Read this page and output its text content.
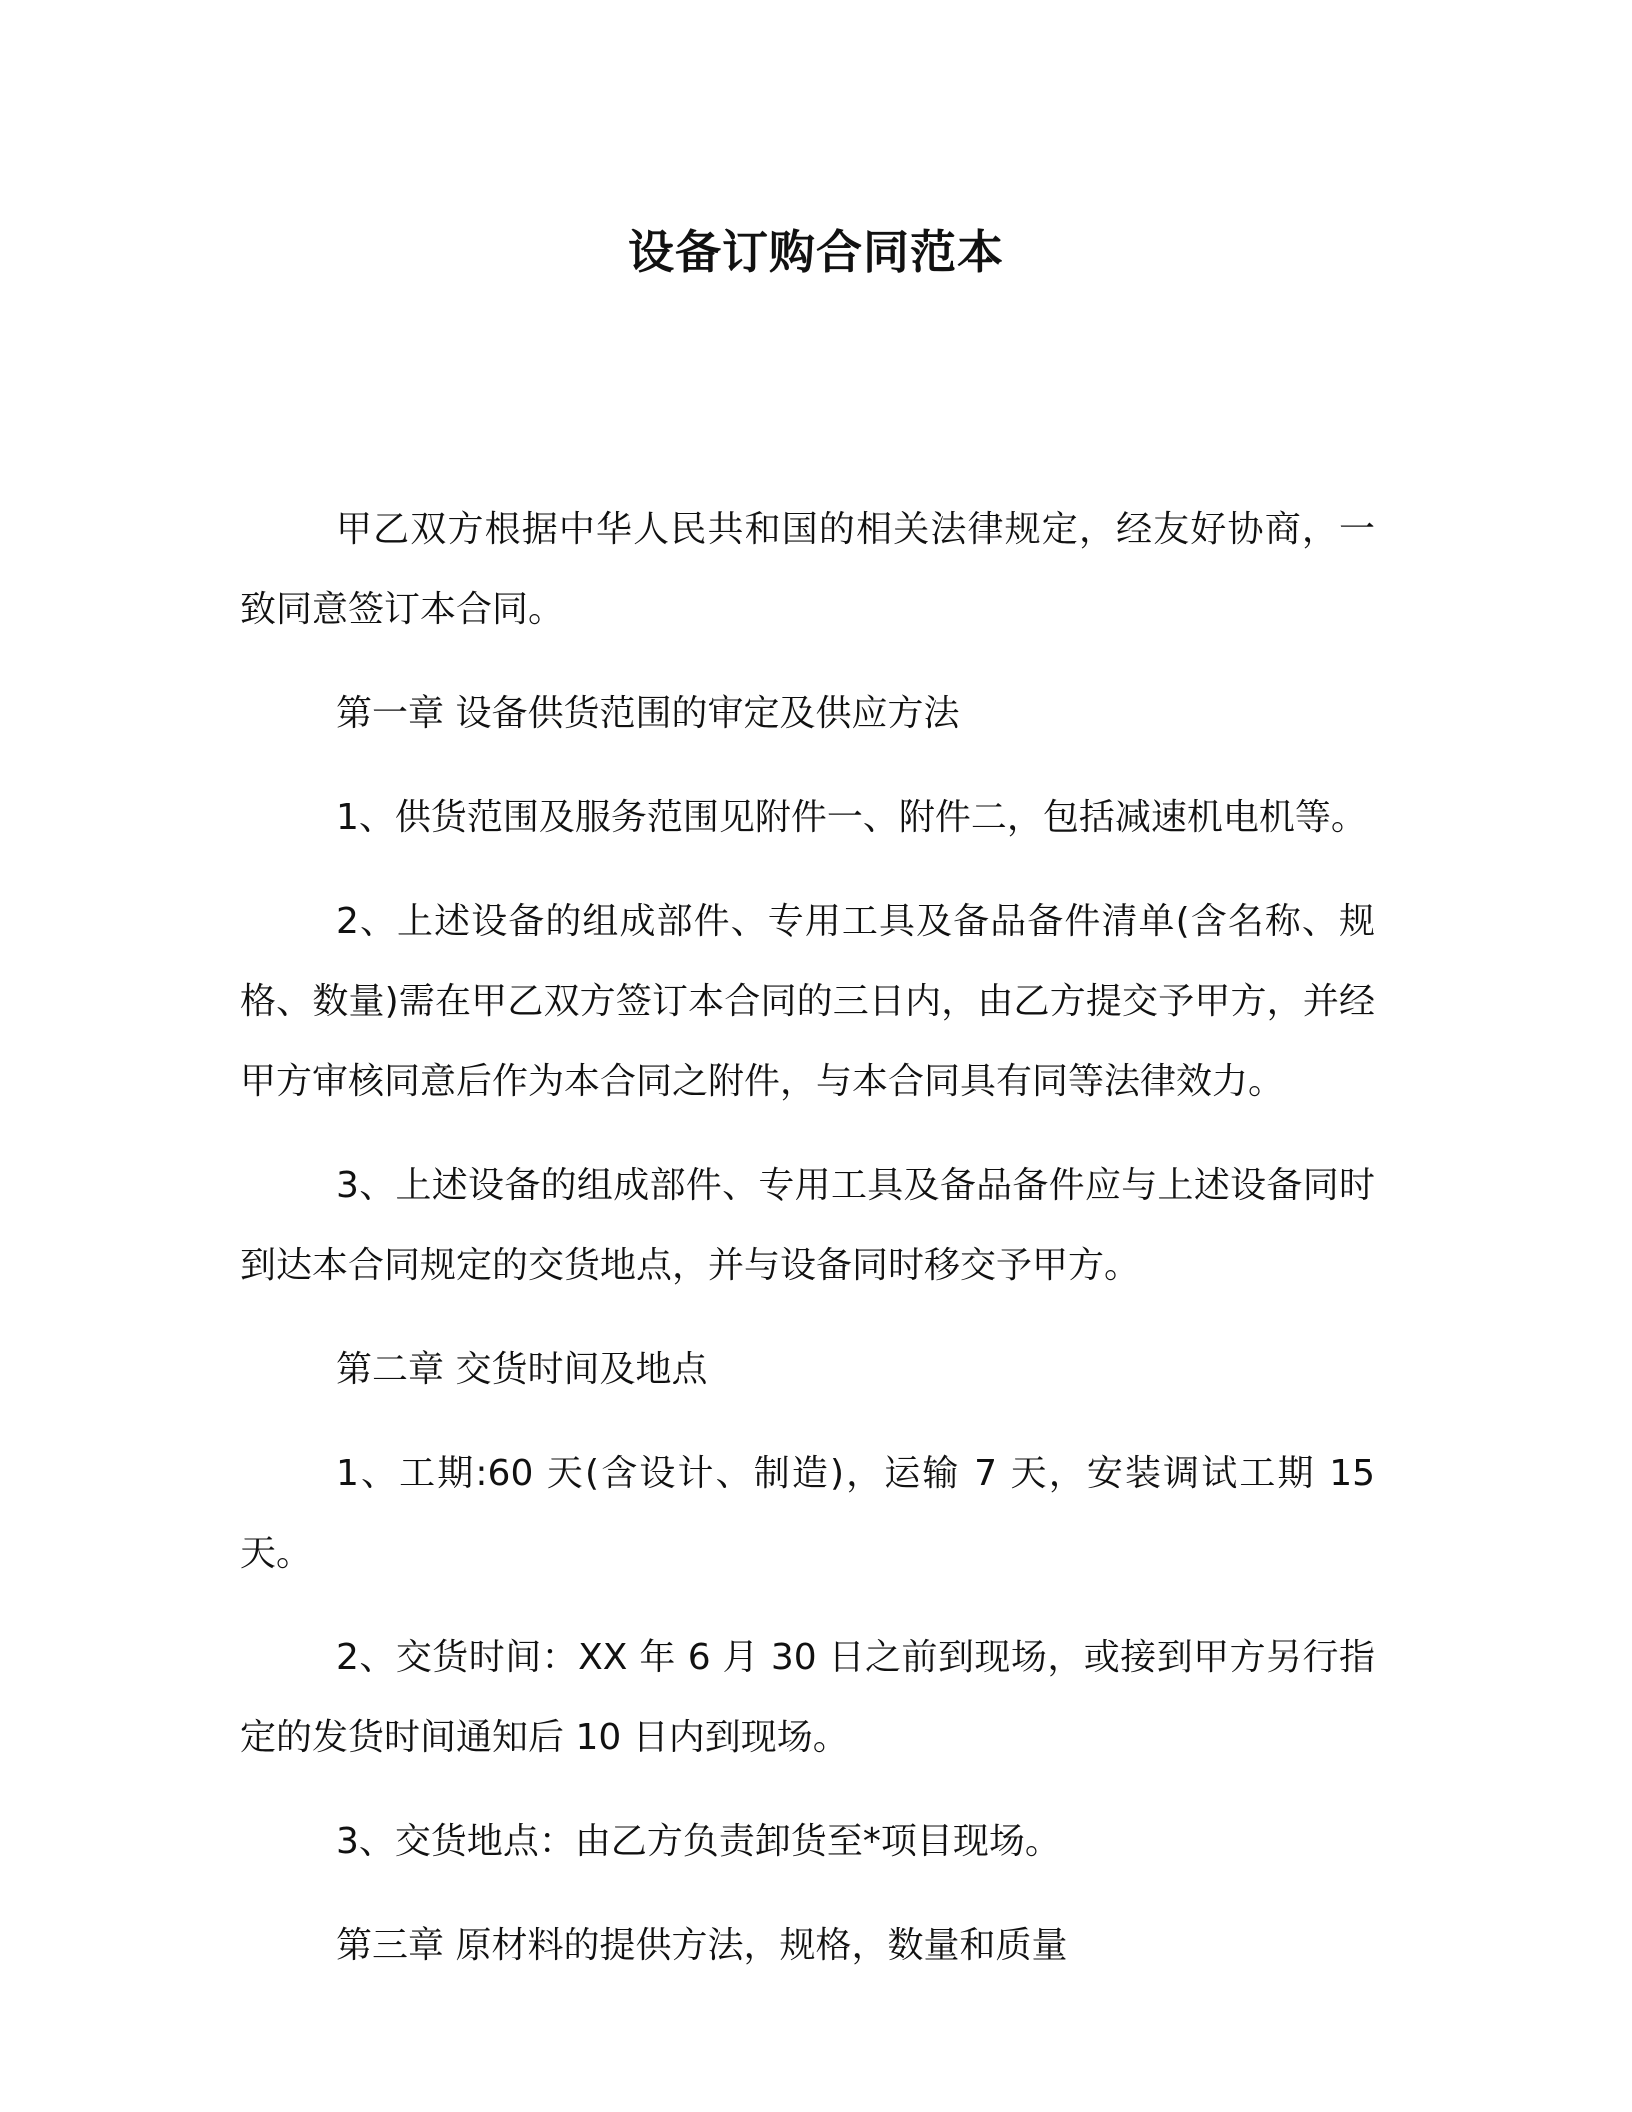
设备订购合同范本

甲乙双方根据中华人民共和国的相关法律规定，经友好协商，一致同意签订本合同。

第一章 设备供货范围的审定及供应方法

1、供货范围及服务范围见附件一、附件二，包括减速机电机等。

2、上述设备的组成部件、专用工具及备品备件清单(含名称、规格、数量)需在甲乙双方签订本合同的三日内，由乙方提交予甲方，并经甲方审核同意后作为本合同之附件，与本合同具有同等法律效力。

3、上述设备的组成部件、专用工具及备品备件应与上述设备同时到达本合同规定的交货地点，并与设备同时移交予甲方。

第二章 交货时间及地点

1、工期:60 天(含设计、制造)，运输 7 天，安装调试工期 15 天。

2、交货时间：XX 年 6 月 30 日之前到现场，或接到甲方另行指定的发货时间通知后 10 日内到现场。

3、交货地点：由乙方负责卸货至*项目现场。

第三章 原材料的提供方法，规格，数量和质量
